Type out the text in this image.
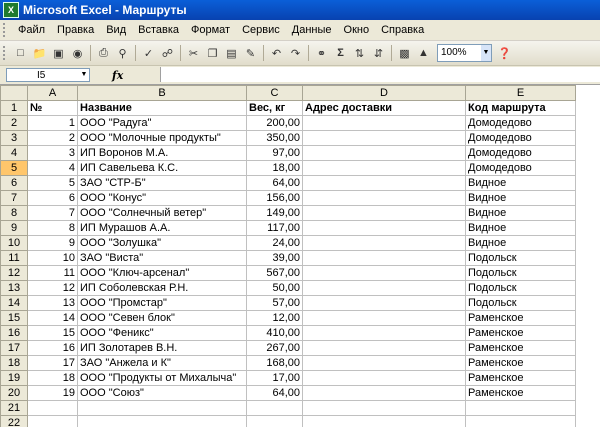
X Microsoft Excel - Маршруты
Файл	Правка	Вид	Вставка	Формат	Сервис	Данные	Окно	Справка
□ 📁 ▣ ◉	⎙ ⚲	✓ ☍	✂ ❐ ▤ ✎	↶ ↷	⚭	Σ	⇅ ⇵	▩ ▲	100% ▼ ❓
I5	▼ fx
	A	B	C	D	E
1	№	Название	Вес, кг	Адрес доставки	Код маршрута
2	1	ООО "Радуга"	200,00		Домодедово
3	2	ООО "Молочные продукты"	350,00		Домодедово
4	3	ИП Воронов М.А.	97,00		Домодедово
5	4	ИП Савельева К.С.	18,00		Домодедово
6	5	ЗАО "СТР-Б"	64,00		Видное
7	6	ООО "Конус"	156,00		Видное
8	7	ООО "Солнечный ветер"	149,00		Видное
9	8	ИП Мурашов А.А.	117,00		Видное
10	9	ООО "Золушка"	24,00		Видное
11	10	ЗАО "Виста"	39,00		Подольск
12	11	ООО "Ключ-арсенал"	567,00		Подольск
13	12	ИП Соболевская Р.Н.	50,00		Подольск
14	13	ООО "Промстар"	57,00		Подольск
15	14	ООО "Севен блок"	12,00		Раменское
16	15	ООО "Феникс"	410,00		Раменское
17	16	ИП Золотарев В.Н.	267,00		Раменское
18	17	ЗАО "Анжела и К"	168,00		Раменское
19	18	ООО "Продукты от Михалыча"	17,00		Раменское
20	19	ООО "Союз"	64,00		Раменское
21					
22					
